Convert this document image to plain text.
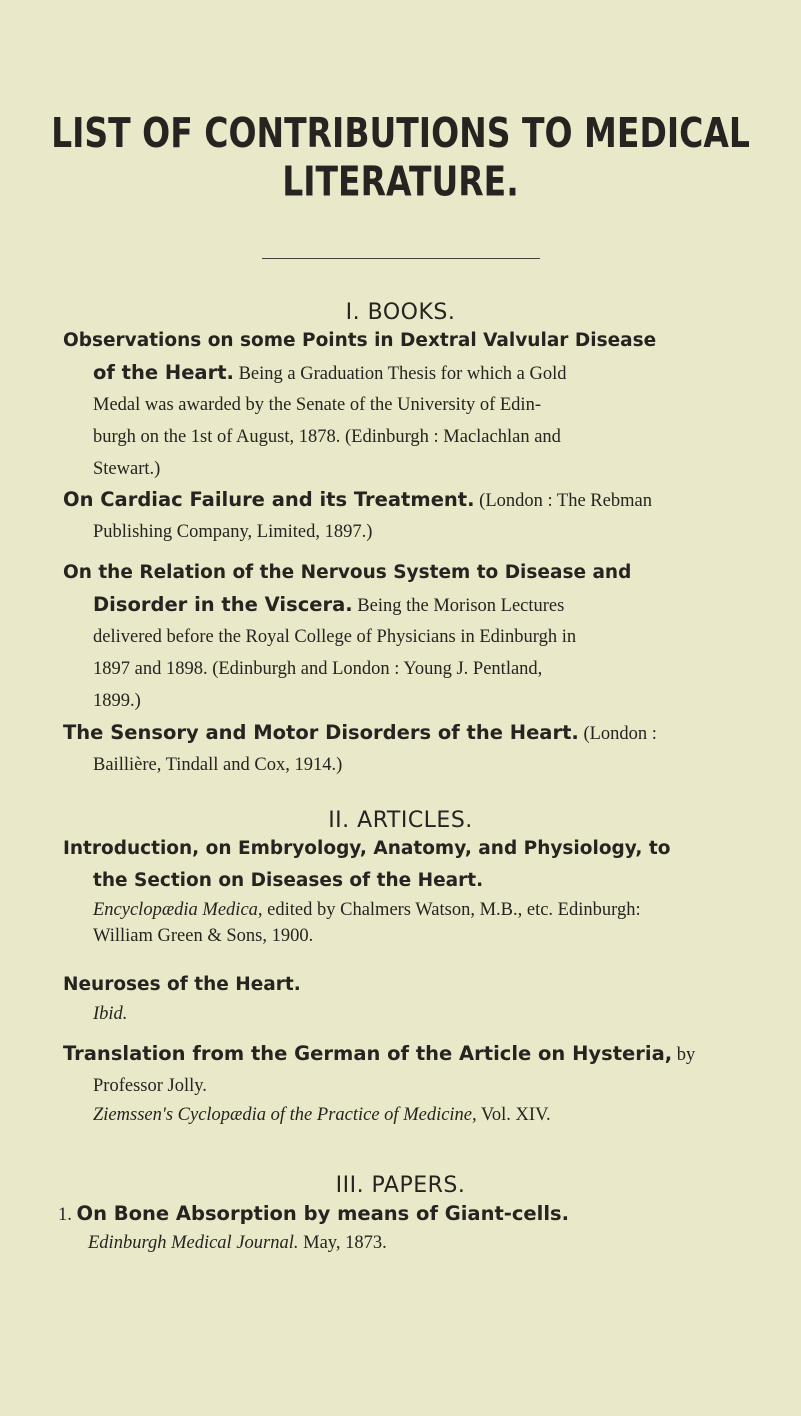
LIST OF CONTRIBUTIONS TO MEDICAL LITERATURE.
I. BOOKS.
Observations on some Points in Dextral Valvular Disease
of the Heart. Being a Graduation Thesis for which a Gold
Medal was awarded by the Senate of the University of Edin-
burgh on the 1st of August, 1878. (Edinburgh : Maclachlan and
Stewart.)
On Cardiac Failure and its Treatment. (London : The Rebman
Publishing Company, Limited, 1897.)
On the Relation of the Nervous System to Disease and
Disorder in the Viscera. Being the Morison Lectures
delivered before the Royal College of Physicians in Edinburgh in
1897 and 1898. (Edinburgh and London : Young J. Pentland,
1899.)
The Sensory and Motor Disorders of the Heart. (London :
Baillière, Tindall and Cox, 1914.)
II. ARTICLES.
Introduction, on Embryology, Anatomy, and Physiology, to
the Section on Diseases of the Heart.
Encyclopædia Medica, edited by Chalmers Watson, M.B., etc. Edinburgh:
William Green & Sons, 1900.
Neuroses of the Heart.
Ibid.
Translation from the German of the Article on Hysteria, by
Professor Jolly.
Ziemssen's Cyclopædia of the Practice of Medicine, Vol. XIV.
III. PAPERS.
1. On Bone Absorption by means of Giant-cells.
Edinburgh Medical Journal. May, 1873.
